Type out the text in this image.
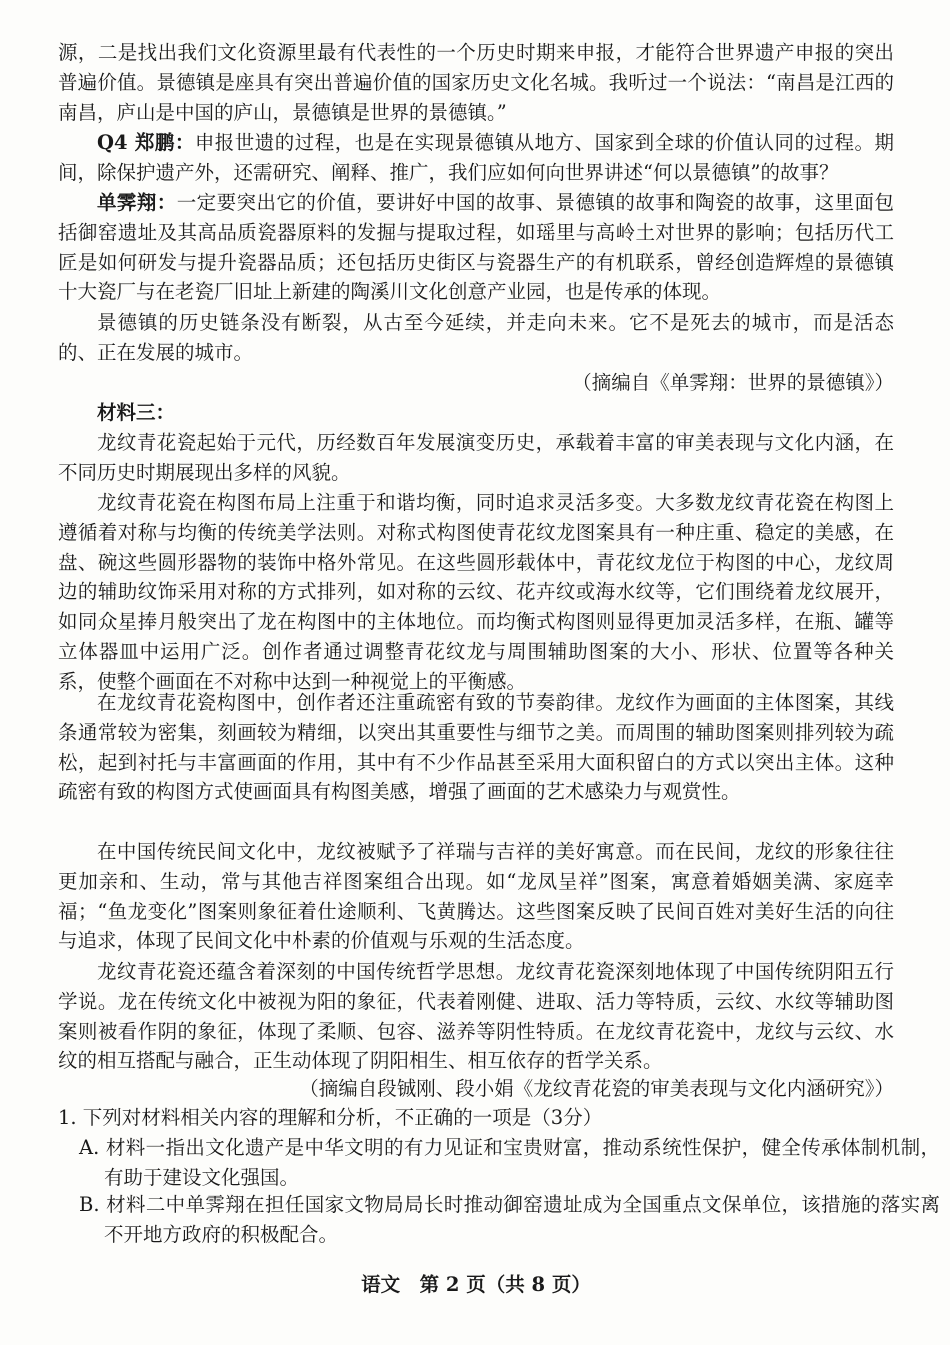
源，二是找出我们文化资源里最有代表性的一个历史时期来申报，才能符合世界遗产申报的突出普遍价值。景德镇是座具有突出普遍价值的国家历史文化名城。我听过一个说法：“南昌是江西的南昌，庐山是中国的庐山，景德镇是世界的景德镇。”

Q4 郑鹏：申报世遗的过程，也是在实现景德镇从地方、国家到全球的价值认同的过程。期间，除保护遗产外，还需研究、阐释、推广，我们应如何向世界讲述“何以景德镇”的故事？

单霁翔：一定要突出它的价值，要讲好中国的故事、景德镇的故事和陶瓷的故事，这里面包括御窑遗址及其高品质瓷器原料的发掘与提取过程，如瑶里与高岭土对世界的影响；包括历代工匠是如何研发与提升瓷器品质；还包括历史街区与瓷器生产的有机联系，曾经创造辉煌的景德镇十大瓷厂与在老瓷厂旧址上新建的陶溪川文化创意产业园，也是传承的体现。

景德镇的历史链条没有断裂，从古至今延续，并走向未来。它不是死去的城市，而是活态的、正在发展的城市。

（摘编自《单霁翔：世界的景德镇》）

材料三：

龙纹青花瓷起始于元代，历经数百年发展演变历史，承载着丰富的审美表现与文化内涵，在不同历史时期展现出多样的风貌。

龙纹青花瓷在构图布局上注重于和谐均衡，同时追求灵活多变。大多数龙纹青花瓷在构图上遵循着对称与均衡的传统美学法则。对称式构图使青花纹龙图案具有一种庄重、稳定的美感，在盘、碗这些圆形器物的装饰中格外常见。在这些圆形载体中，青花纹龙位于构图的中心，龙纹周边的辅助纹饰采用对称的方式排列，如对称的云纹、花卉纹或海水纹等，它们围绕着龙纹展开，如同众星捧月般突出了龙在构图中的主体地位。而均衡式构图则显得更加灵活多样，在瓶、罐等立体器皿中运用广泛。创作者通过调整青花纹龙与周围辅助图案的大小、形状、位置等各种关系，使整个画面在不对称中达到一种视觉上的平衡感。

在龙纹青花瓷构图中，创作者还注重疏密有致的节奏韵律。龙纹作为画面的主体图案，其线条通常较为密集，刻画较为精细，以突出其重要性与细节之美。而周围的辅助图案则排列较为疏松，起到衬托与丰富画面的作用，其中有不少作品甚至采用大面积留白的方式以突出主体。这种疏密有致的构图方式使画面具有构图美感，增强了画面的艺术感染力与观赏性。

在中国传统民间文化中，龙纹被赋予了祥瑞与吉祥的美好寓意。而在民间，龙纹的形象往往更加亲和、生动，常与其他吉祥图案组合出现。如“龙凤呈祥”图案，寓意着婚姻美满、家庭幸福；“鱼龙变化”图案则象征着仕途顺利、飞黄腾达。这些图案反映了民间百姓对美好生活的向往与追求，体现了民间文化中朴素的价值观与乐观的生活态度。

龙纹青花瓷还蕴含着深刻的中国传统哲学思想。龙纹青花瓷深刻地体现了中国传统阴阳五行学说。龙在传统文化中被视为阳的象征，代表着刚健、进取、活力等特质，云纹、水纹等辅助图案则被看作阴的象征，体现了柔顺、包容、滋养等阴性特质。在龙纹青花瓷中，龙纹与云纹、水纹的相互搭配与融合，正生动体现了阴阳相生、相互依存的哲学关系。

（摘编自段铖刚、段小娟《龙纹青花瓷的审美表现与文化内涵研究》）

1. 下列对材料相关内容的理解和分析，不正确的一项是（3分）

A. 材料一指出文化遗产是中华文明的有力见证和宝贵财富，推动系统性保护，健全传承体制机制，有助于建设文化强国。

B. 材料二中单霁翔在担任国家文物局局长时推动御窑遗址成为全国重点文保单位，该措施的落实离不开地方政府的积极配合。

语文　第 2 页（共 8 页）
